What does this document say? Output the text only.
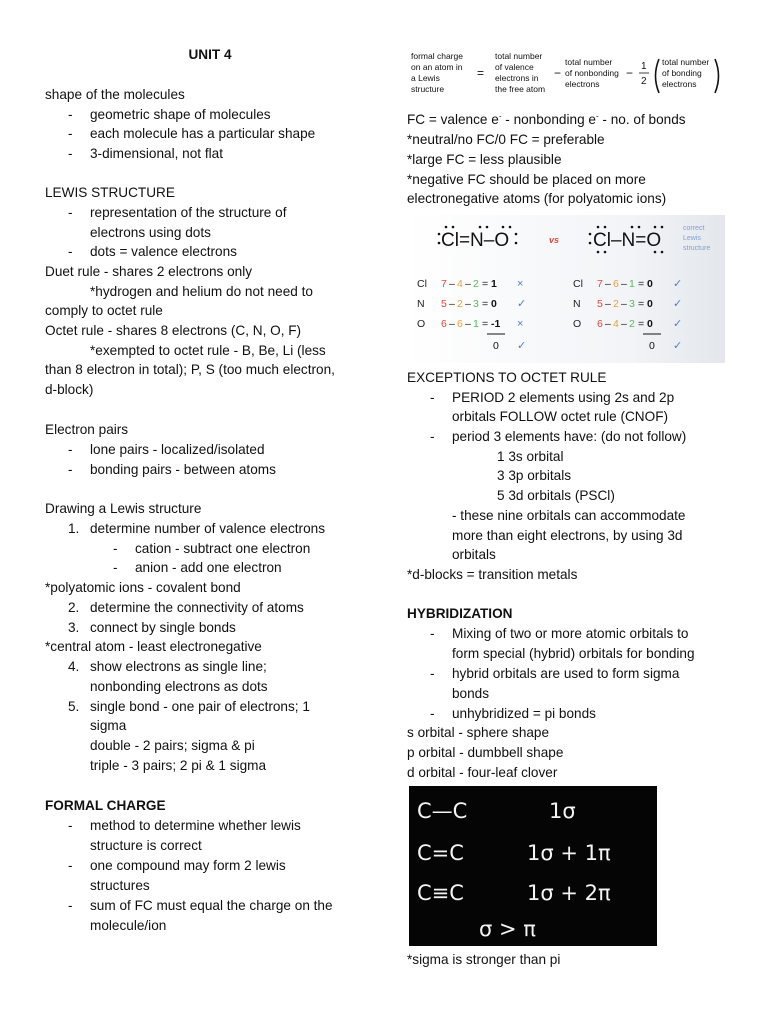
UNIT 4
shape of the molecules
- geometric shape of molecules
- each molecule has a particular shape
- 3-dimensional, not flat
LEWIS STRUCTURE
- representation of the structure of
electrons using dots
- dots = valence electrons
Duet rule - shares 2 electrons only
*hydrogen and helium do not need to
comply to octet rule
Octet rule - shares 8 electrons (C, N, O, F)
*exempted to octet rule - B, Be, Li (less
than 8 electron in total); P, S (too much electron,
d-block)
Electron pairs
- lone pairs - localized/isolated
- bonding pairs - between atoms
Drawing a Lewis structure
1. determine number of valence electrons
- cation - subtract one electron
- anion - add one electron
*polyatomic ions - covalent bond
2. determine the connectivity of atoms
3. connect by single bonds
*central atom - least electronegative
4. show electrons as single line;
nonbonding electrons as dots
5. single bond - one pair of electrons; 1
sigma
double - 2 pairs; sigma & pi
triple - 3 pairs; 2 pi & 1 sigma
FORMAL CHARGE
- method to determine whether lewis
structure is correct
- one compound may form 2 lewis
structures
- sum of FC must equal the charge on the
molecule/ion
formal charge
on an atom in
a Lewis
structure
=
total number
of valence
electrons in
the free atom
−
total number
of nonbonding
electrons
− 1
2
total number
of bonding
electrons
FC = valence e- - nonbonding e- - no. of bonds
*neutral/no FC/0 FC = preferable
*large FC = less plausible
*negative FC should be placed on more
electronegative atoms (for polyatomic ions)
Cl=N–O	Cl–N=O
vs
correct
Lewis
structure
Cl 7 – 4 – 2 = 1 ×
N 5 – 2 – 3 = 0 ✓
O 6 – 6 – 1 = -1 ×
0 ✓
Cl 7 – 6 – 1 = 0 ✓
N 5 – 2 – 3 = 0 ✓
O 6 – 4 – 2 = 0 ✓
0 ✓
EXCEPTIONS TO OCTET RULE
- PERIOD 2 elements using 2s and 2p
orbitals FOLLOW octet rule (CNOF)
- period 3 elements have: (do not follow)
1 3s orbital
3 3p orbitals
5 3d orbitals (PSCl)
- these nine orbitals can accommodate
more than eight electrons, by using 3d
orbitals
*d-blocks = transition metals
HYBRIDIZATION
- Mixing of two or more atomic orbitals to
form special (hybrid) orbitals for bonding
- hybrid orbitals are used to form sigma
bonds
- unhybridized = pi bonds
s orbital - sphere shape
p orbital - dumbbell shape
d orbital - four-leaf clover
C—C	1σ
C=C	1σ + 1π
C≡C	1σ + 2π
σ > π
*sigma is stronger than pi
